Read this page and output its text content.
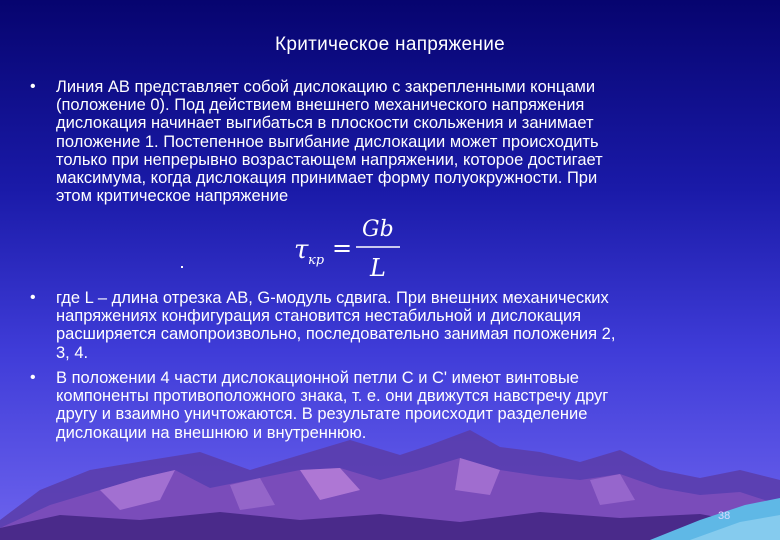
Критическое напряжение
• Линия AB представляет собой дислокацию с закрепленными концами
(положение 0). Под действием внешнего механического напряжения
дислокация начинает выгибаться в плоскости скольжения и занимает
положение 1. Постепенное выгибание дислокации может происходить
только при непрерывно возрастающем напряжении, которое достигает
максимума, когда дислокация принимает форму полуокружности. При
этом критическое напряжение
τ кр =
Gb
L
• где L – длина отрезка AB, G-модуль сдвига. При внешних механических
напряжениях конфигурация становится нестабильной и дислокация
расширяется самопроизвольно, последовательно занимая положения 2,
3, 4.
• В положении 4 части дислокационной петли C и C' имеют винтовые
компоненты противоположного знака, т. е. они движутся навстречу друг
другу и взаимно уничтожаются. В результате происходит разделение
дислокации на внешнюю и внутреннюю.
38
